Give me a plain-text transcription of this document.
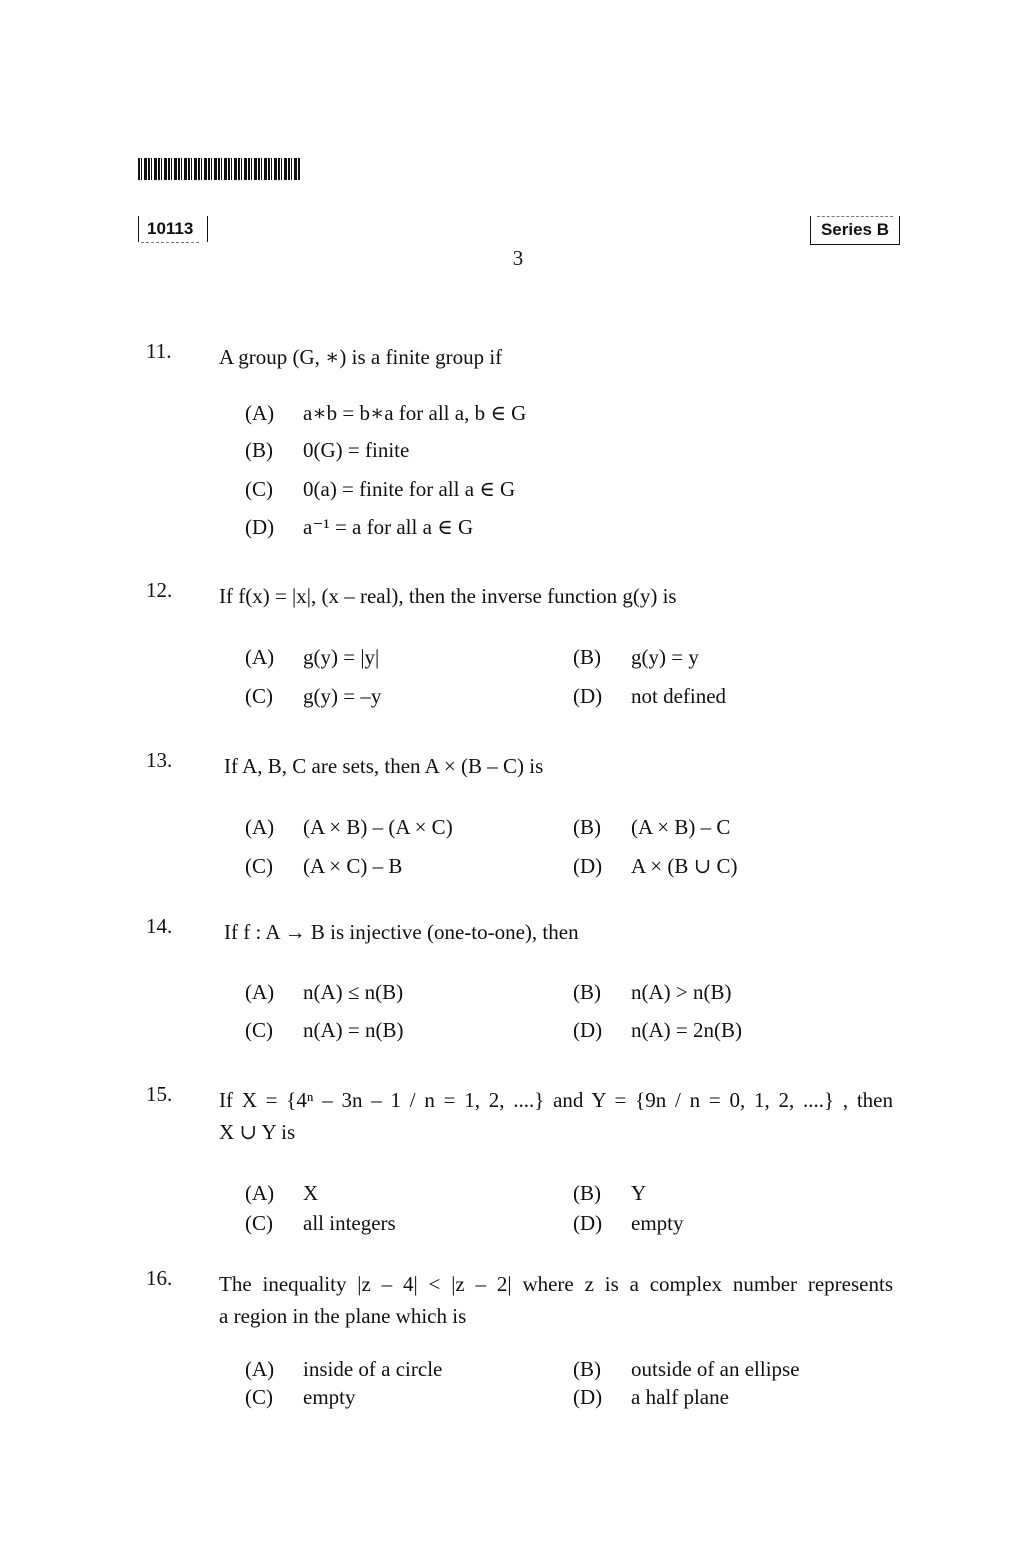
10113	Series B
3
11. A group (G, ∗) is a finite group if
(A) a∗b = b∗a for all a, b ∈ G
(B) 0(G) = finite
(C) 0(a) = finite for all a ∈ G
(D) a⁻¹ = a for all a ∈ G
12. If f(x) = |x|, (x – real), then the inverse function g(y) is
(A) g(y) = |y|	(B) g(y) = y
(C) g(y) = –y	(D) not defined
13. If A, B, C are sets, then A × (B – C) is
(A) (A × B) – (A × C)	(B) (A × B) – C
(C) (A × C) – B	(D) A × (B ∪ C)
14. If f : A → B is injective (one-to-one), then
(A) n(A) ≤ n(B)	(B) n(A) > n(B)
(C) n(A) = n(B)	(D) n(A) = 2n(B)
15. If X = {4ⁿ – 3n – 1 / n = 1, 2, ....} and Y = {9n / n = 0, 1, 2, ....} , then
X ∪ Y is
(A) X	(B) Y
(C) all integers	(D) empty
16. The inequality |z – 4| < |z – 2| where z is a complex number represents
a region in the plane which is
(A) inside of a circle	(B) outside of an ellipse
(C) empty	(D) a half plane
